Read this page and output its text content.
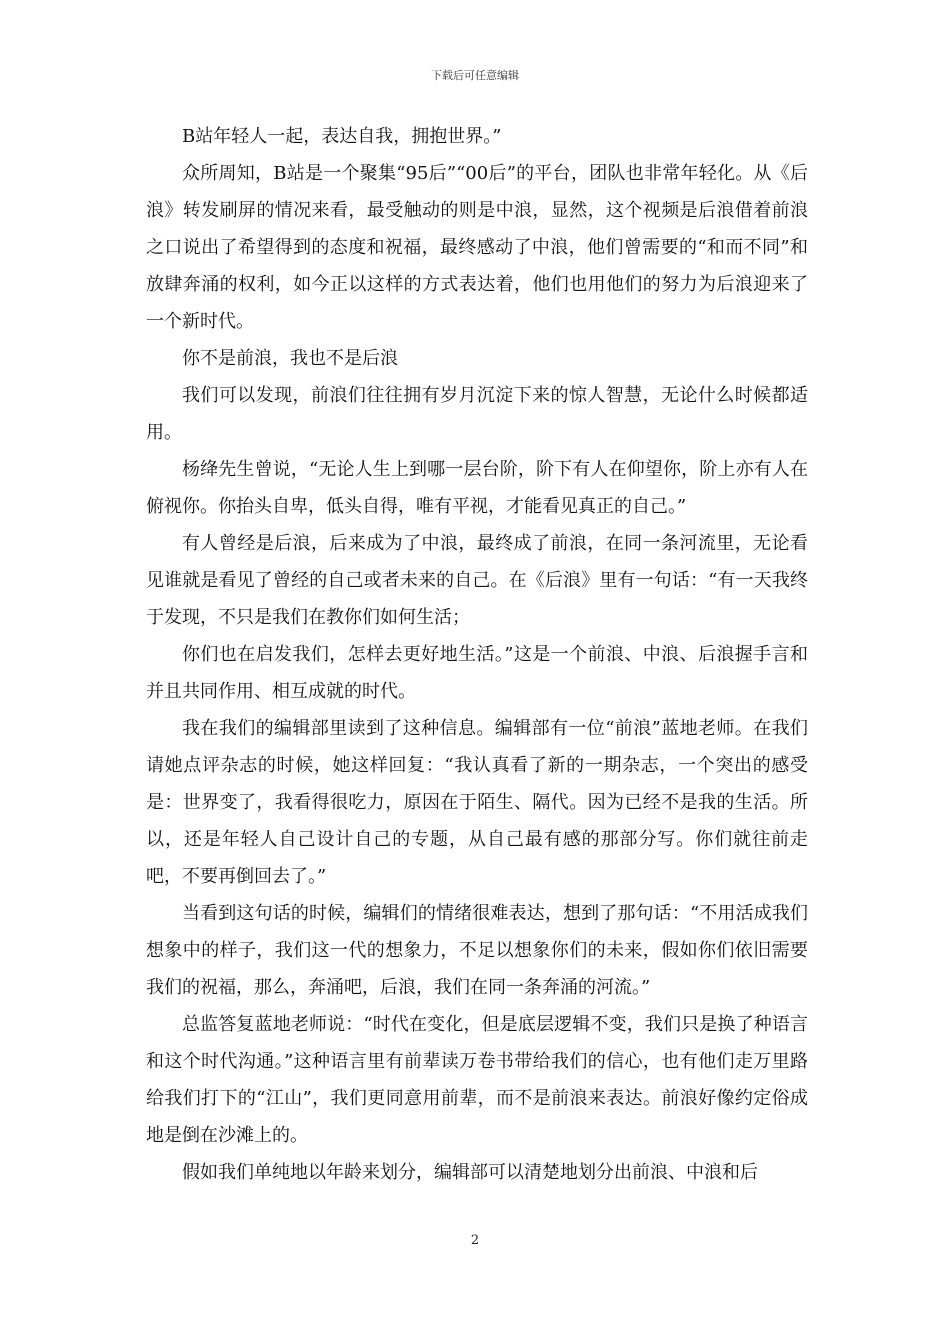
下载后可任意编辑

B站年轻人一起，表达自我，拥抱世界。”

众所周知，B站是一个聚集“95后”“00后”的平台，团队也非常年轻化。从《后浪》转发刷屏的情况来看，最受触动的则是中浪，显然，这个视频是后浪借着前浪之口说出了希望得到的态度和祝福，最终感动了中浪，他们曾需要的“和而不同”和放肆奔涌的权利，如今正以这样的方式表达着，他们也用他们的努力为后浪迎来了一个新时代。

你不是前浪，我也不是后浪

我们可以发现，前浪们往往拥有岁月沉淀下来的惊人智慧，无论什么时候都适用。

杨绛先生曾说，“无论人生上到哪一层台阶，阶下有人在仰望你，阶上亦有人在俯视你。你抬头自卑，低头自得，唯有平视，才能看见真正的自己。”

有人曾经是后浪，后来成为了中浪，最终成了前浪，在同一条河流里，无论看见谁就是看见了曾经的自己或者未来的自己。在《后浪》里有一句话：“有一天我终于发现，不只是我们在教你们如何生活；

你们也在启发我们，怎样去更好地生活。”这是一个前浪、中浪、后浪握手言和并且共同作用、相互成就的时代。

我在我们的编辑部里读到了这种信息。编辑部有一位“前浪”蓝地老师。在我们请她点评杂志的时候，她这样回复：“我认真看了新的一期杂志，一个突出的感受是：世界变了，我看得很吃力，原因在于陌生、隔代。因为已经不是我的生活。所以，还是年轻人自己设计自己的专题，从自己最有感的那部分写。你们就往前走吧，不要再倒回去了。”

当看到这句话的时候，编辑们的情绪很难表达，想到了那句话：“不用活成我们想象中的样子，我们这一代的想象力，不足以想象你们的未来，假如你们依旧需要我们的祝福，那么，奔涌吧，后浪，我们在同一条奔涌的河流。”

总监答复蓝地老师说：“时代在变化，但是底层逻辑不变，我们只是换了种语言和这个时代沟通。”这种语言里有前辈读万卷书带给我们的信心，也有他们走万里路给我们打下的“江山”，我们更同意用前辈，而不是前浪来表达。前浪好像约定俗成地是倒在沙滩上的。

假如我们单纯地以年龄来划分，编辑部可以清楚地划分出前浪、中浪和后

2
